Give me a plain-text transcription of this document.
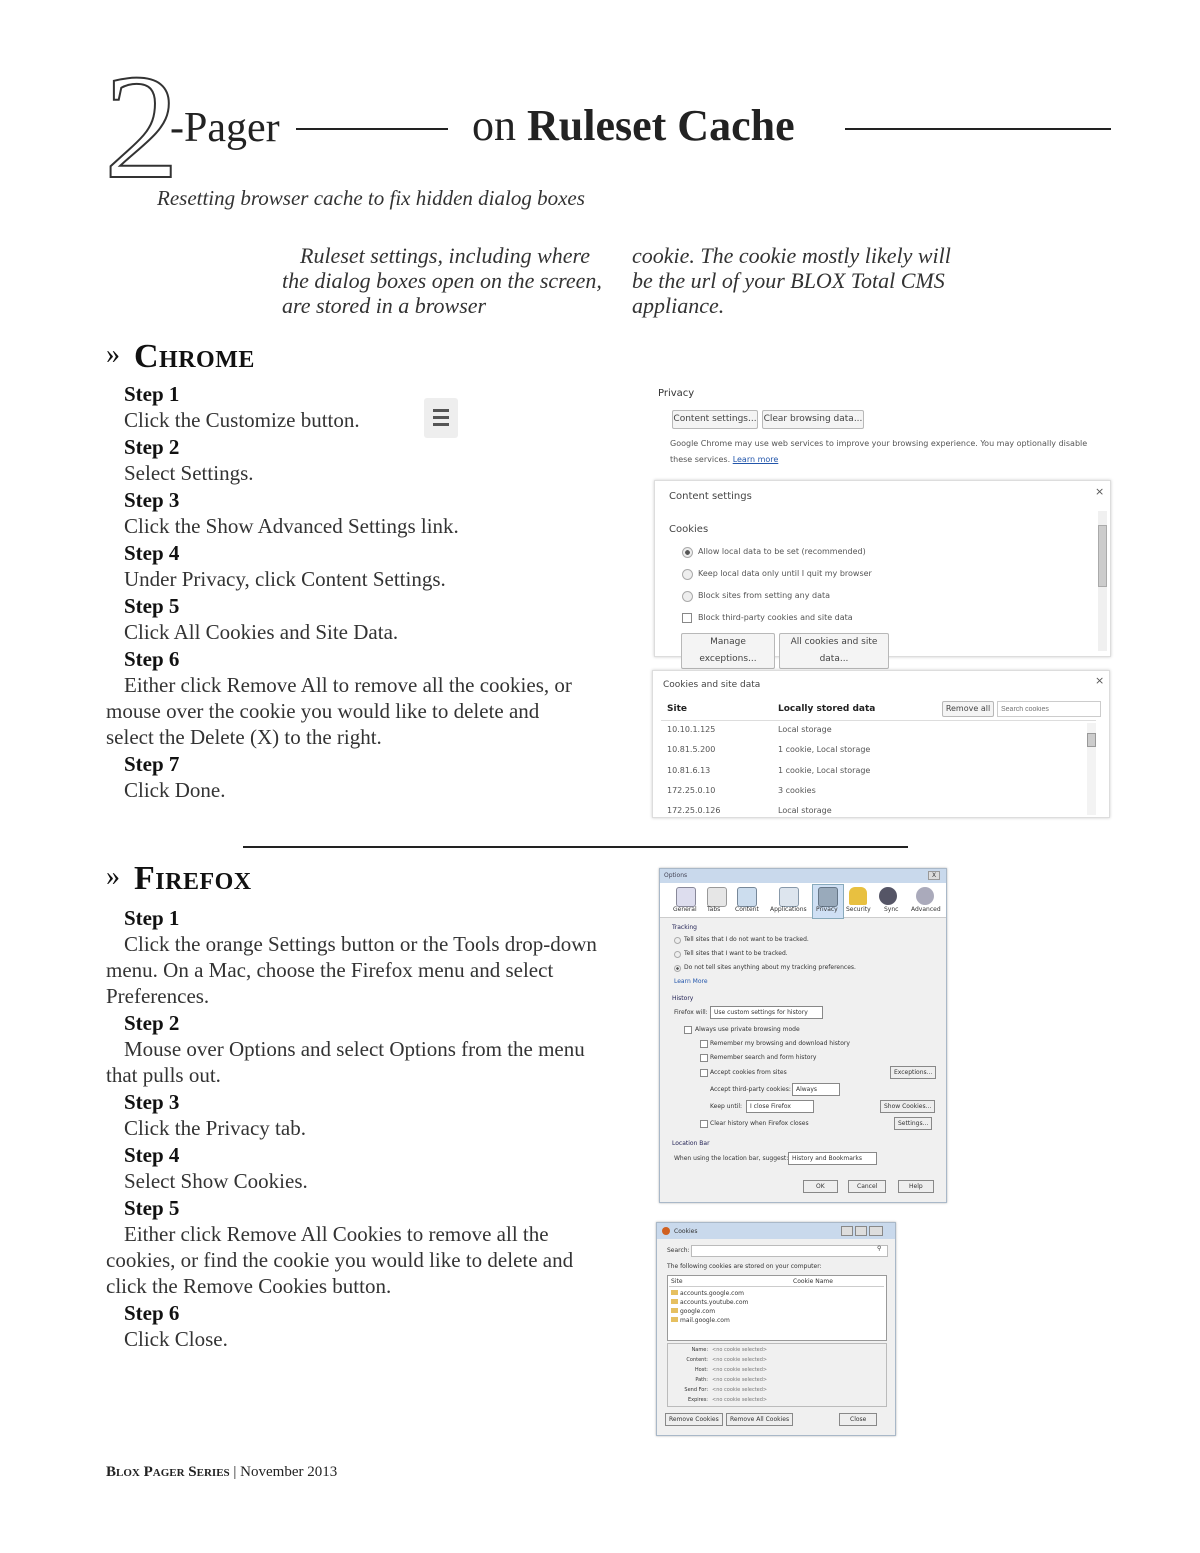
2
-Pager	on Ruleset Cache
Resetting browser cache to fix hidden dialog boxes
Ruleset settings, including where the dialog boxes open on the screen, are stored in a browser
cookie. The cookie mostly likely will be the url of your BLOX Total CMS appliance.
» Chrome
Step 1
Click the Customize button.
Step 2
Select Settings.
Step 3
Click the Show Advanced Settings link.
Step 4
Under Privacy, click Content Settings.
Step 5
Click All Cookies and Site Data.
Step 6
Either click Remove All to remove all the cookies, or mouse over the cookie you would like to delete and select the Delete (X) to the right.
Step 7
Click Done.
Privacy
Content settings... Clear browsing data...
Google Chrome may use web services to improve your browsing experience. You may optionally disable these services. Learn more
Content settings	×
Cookies
Allow local data to be set (recommended)
Keep local data only until I quit my browser
Block sites from setting any data
Block third-party cookies and site data
Manage exceptions...
All cookies and site data...
Cookies and site data	×
Site	Locally stored data	Remove all
Search cookies
10.10.1.125	Local storage
10.81.5.200	1 cookie, Local storage
10.81.6.13	1 cookie, Local storage
172.25.0.10	3 cookies
172.25.0.126	Local storage
» Firefox
Step 1
Click the orange Settings button or the Tools drop-down menu. On a Mac, choose the Firefox menu and select Preferences.
Step 2
Mouse over Options and select Options from the menu that pulls out.
Step 3
Click the Privacy tab.
Step 4
Select Show Cookies.
Step 5
Either click Remove All Cookies to remove all the cookies, or find the cookie you would like to delete and click the Remove Cookies button.
Step 6
Click Close.
Options	X
General Tabs Content Applications Privacy Security Sync Advanced
Tracking
Tell sites that I do not want to be tracked.
Tell sites that I want to be tracked.
Do not tell sites anything about my tracking preferences.
Learn More
History
Firefox will:	Use custom settings for history
Always use private browsing mode
Remember my browsing and download history
Remember search and form history
Accept cookies from sites	Exceptions...
Accept third-party cookies: Always
Keep until:	I close Firefox	Show Cookies...
Clear history when Firefox closes	Settings...
Location Bar
When using the location bar, suggest: History and Bookmarks
OK	Cancel	Help
Cookies
Search:	⚲
The following cookies are stored on your computer:
Site	Cookie Name
accounts.google.com
accounts.youtube.com
google.com
mail.google.com
Name: <no cookie selected>
Content: <no cookie selected>
Host: <no cookie selected>
Path: <no cookie selected>
Send For: <no cookie selected>
Expires: <no cookie selected>
Remove Cookies	Remove All Cookies	Close
Blox Pager Series | November 2013
